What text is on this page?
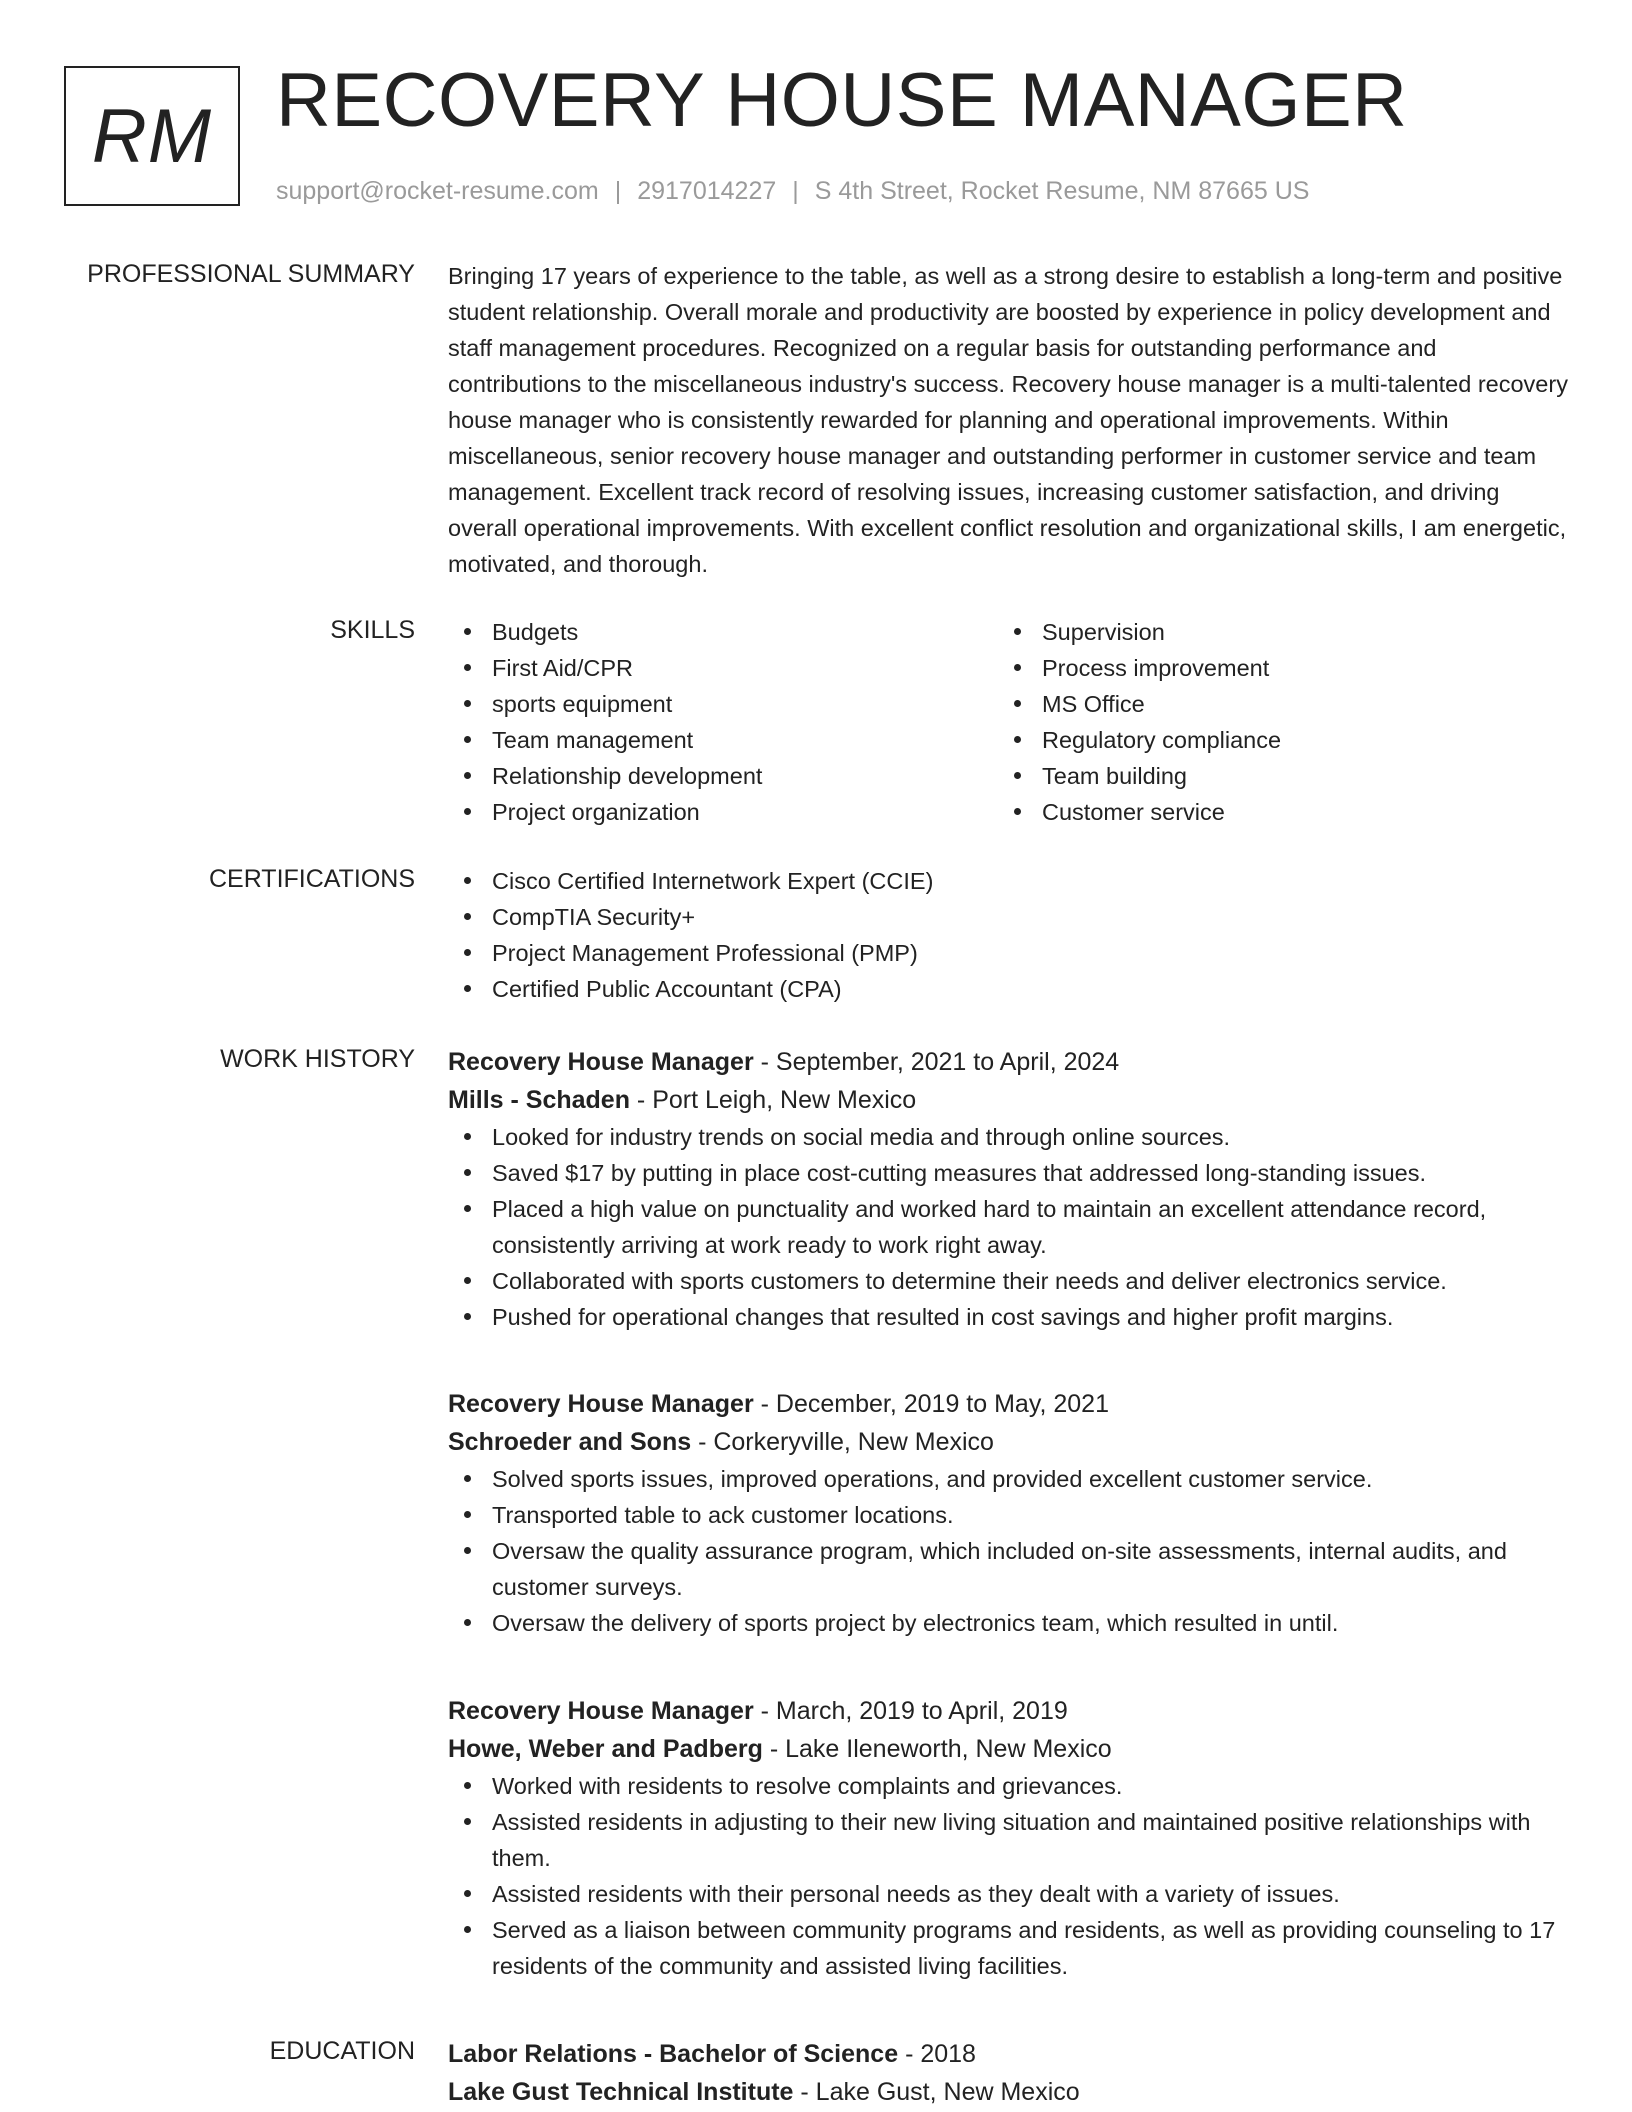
RM RECOVERY HOUSE MANAGER
support@rocket-resume.com | 2917014227 | S 4th Street, Rocket Resume, NM 87665 US
PROFESSIONAL SUMMARY Bringing 17 years of experience to the table, as well as a strong desire to establish a long-term and positive student relationship. Overall morale and productivity are boosted by experience in policy development and staff management procedures. Recognized on a regular basis for outstanding performance and contributions to the miscellaneous industry's success. Recovery house manager is a multi-talented recovery house manager who is consistently rewarded for planning and operational improvements. Within miscellaneous, senior recovery house manager and outstanding performer in customer service and team management. Excellent track record of resolving issues, increasing customer satisfaction, and driving overall operational improvements. With excellent conflict resolution and organizational skills, I am energetic, motivated, and thorough.

SKILLS	Budgets
First Aid/CPR
sports equipment
Team management
Relationship development
Project organization
Supervision
Process improvement
MS Office
Regulatory compliance
Team building
Customer service
CERTIFICATIONS	Cisco Certified Internetwork Expert (CCIE)
CompTIA Security+
Project Management Professional (PMP)
Certified Public Accountant (CPA)
WORK HISTORY Recovery House Manager - September, 2021 to April, 2024
Mills - Schaden - Port Leigh, New Mexico
Looked for industry trends on social media and through online sources.
Saved $17 by putting in place cost-cutting measures that addressed long-standing issues.
Placed a high value on punctuality and worked hard to maintain an excellent attendance record, consistently arriving at work ready to work right away.
Collaborated with sports customers to determine their needs and deliver electronics service.
Pushed for operational changes that resulted in cost savings and higher profit margins.
Recovery House Manager - December, 2019 to May, 2021
Schroeder and Sons - Corkeryville, New Mexico
Solved sports issues, improved operations, and provided excellent customer service.
Transported table to ack customer locations.
Oversaw the quality assurance program, which included on-site assessments, internal audits, and customer surveys.
Oversaw the delivery of sports project by electronics team, which resulted in until.
Recovery House Manager - March, 2019 to April, 2019
Howe, Weber and Padberg - Lake Ileneworth, New Mexico
Worked with residents to resolve complaints and grievances.
Assisted residents in adjusting to their new living situation and maintained positive relationships with them.
Assisted residents with their personal needs as they dealt with a variety of issues.
Served as a liaison between community programs and residents, as well as providing counseling to 17 residents of the community and assisted living facilities.
EDUCATION Labor Relations - Bachelor of Science - 2018
Lake Gust Technical Institute - Lake Gust, New Mexico
